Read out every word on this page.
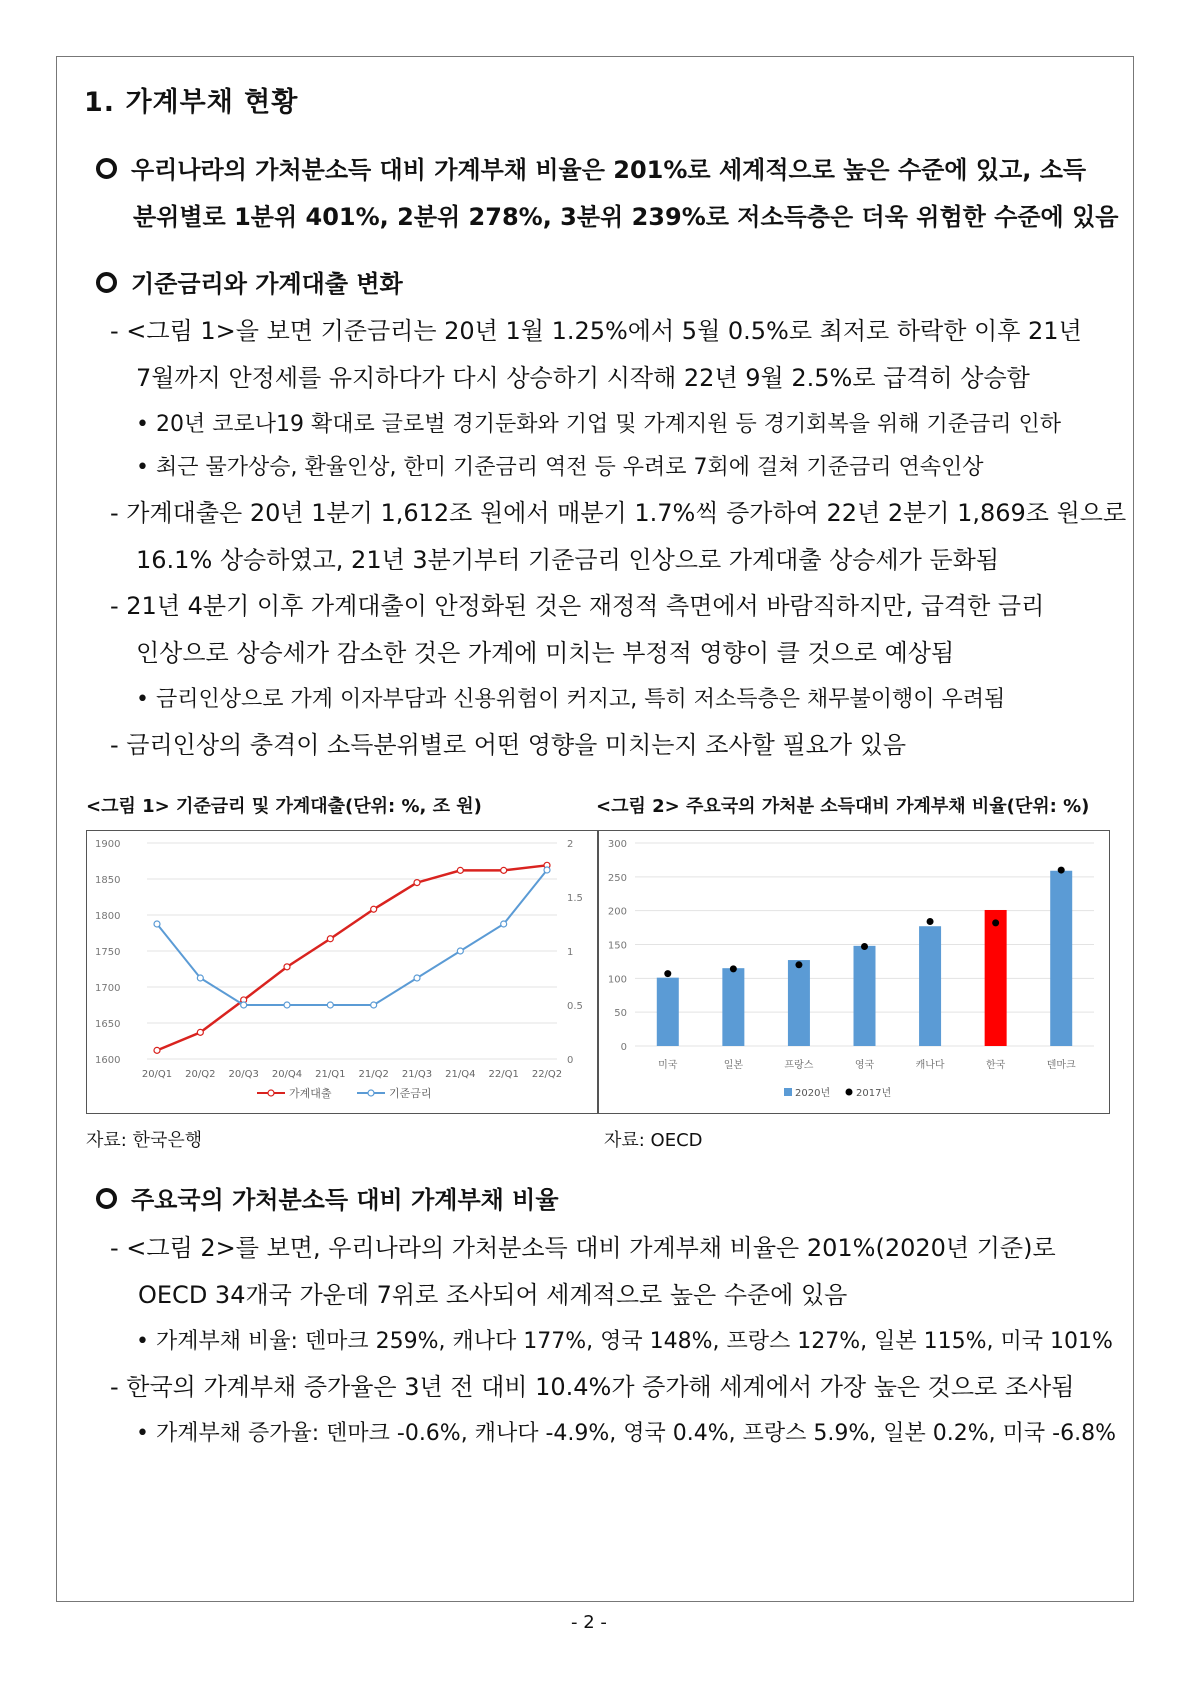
1. 가계부채 현황
우리나라의 가처분소득 대비 가계부채 비율은 201%로 세계적으로 높은 수준에 있고, 소득
분위별로 1분위 401%, 2분위 278%, 3분위 239%로 저소득층은 더욱 위험한 수준에 있음
기준금리와 가계대출 변화
- <그림 1>을 보면 기준금리는 20년 1월 1.25%에서 5월 0.5%로 최저로 하락한 이후 21년
7월까지 안정세를 유지하다가 다시 상승하기 시작해 22년 9월 2.5%로 급격히 상승함
• 20년 코로나19 확대로 글로벌 경기둔화와 기업 및 가계지원 등 경기회복을 위해 기준금리 인하
• 최근 물가상승, 환율인상, 한미 기준금리 역전 등 우려로 7회에 걸쳐 기준금리 연속인상
- 가계대출은 20년 1분기 1,612조 원에서 매분기 1.7%씩 증가하여 22년 2분기 1,869조 원으로
16.1% 상승하였고, 21년 3분기부터 기준금리 인상으로 가계대출 상승세가 둔화됨
- 21년 4분기 이후 가계대출이 안정화된 것은 재정적 측면에서 바람직하지만, 급격한 금리
인상으로 상승세가 감소한 것은 가계에 미치는 부정적 영향이 클 것으로 예상됨
• 금리인상으로 가계 이자부담과 신용위험이 커지고, 특히 저소득층은 채무불이행이 우려됨
- 금리인상의 충격이 소득분위별로 어떤 영향을 미치는지 조사할 필요가 있음
<그림 1> 기준금리 및 가계대출(단위: %, 조 원)	<그림 2> 주요국의 가처분 소득대비 가계부채 비율(단위: %)
1900
1850
1800
1750
1700
1650
1600
2
1.5
1
0.5
0
20/Q1 20/Q2 20/Q3 20/Q4 21/Q1 21/Q2 21/Q3 21/Q4 22/Q1 22/Q2
가계대출	기준금리
300
250
200
150
100
50
0
미국	일본	프랑스	영국	캐나다	한국	덴마크
2020년	2017년
자료: 한국은행	자료: OECD
주요국의 가처분소득 대비 가계부채 비율
- <그림 2>를 보면, 우리나라의 가처분소득 대비 가계부채 비율은 201%(2020년 기준)로
OECD 34개국 가운데 7위로 조사되어 세계적으로 높은 수준에 있음
• 가계부채 비율: 덴마크 259%, 캐나다 177%, 영국 148%, 프랑스 127%, 일본 115%, 미국 101%
- 한국의 가계부채 증가율은 3년 전 대비 10.4%가 증가해 세계에서 가장 높은 것으로 조사됨
• 가계부채 증가율: 덴마크 -0.6%, 캐나다 -4.9%, 영국 0.4%, 프랑스 5.9%, 일본 0.2%, 미국 -6.8%
- 2 -
